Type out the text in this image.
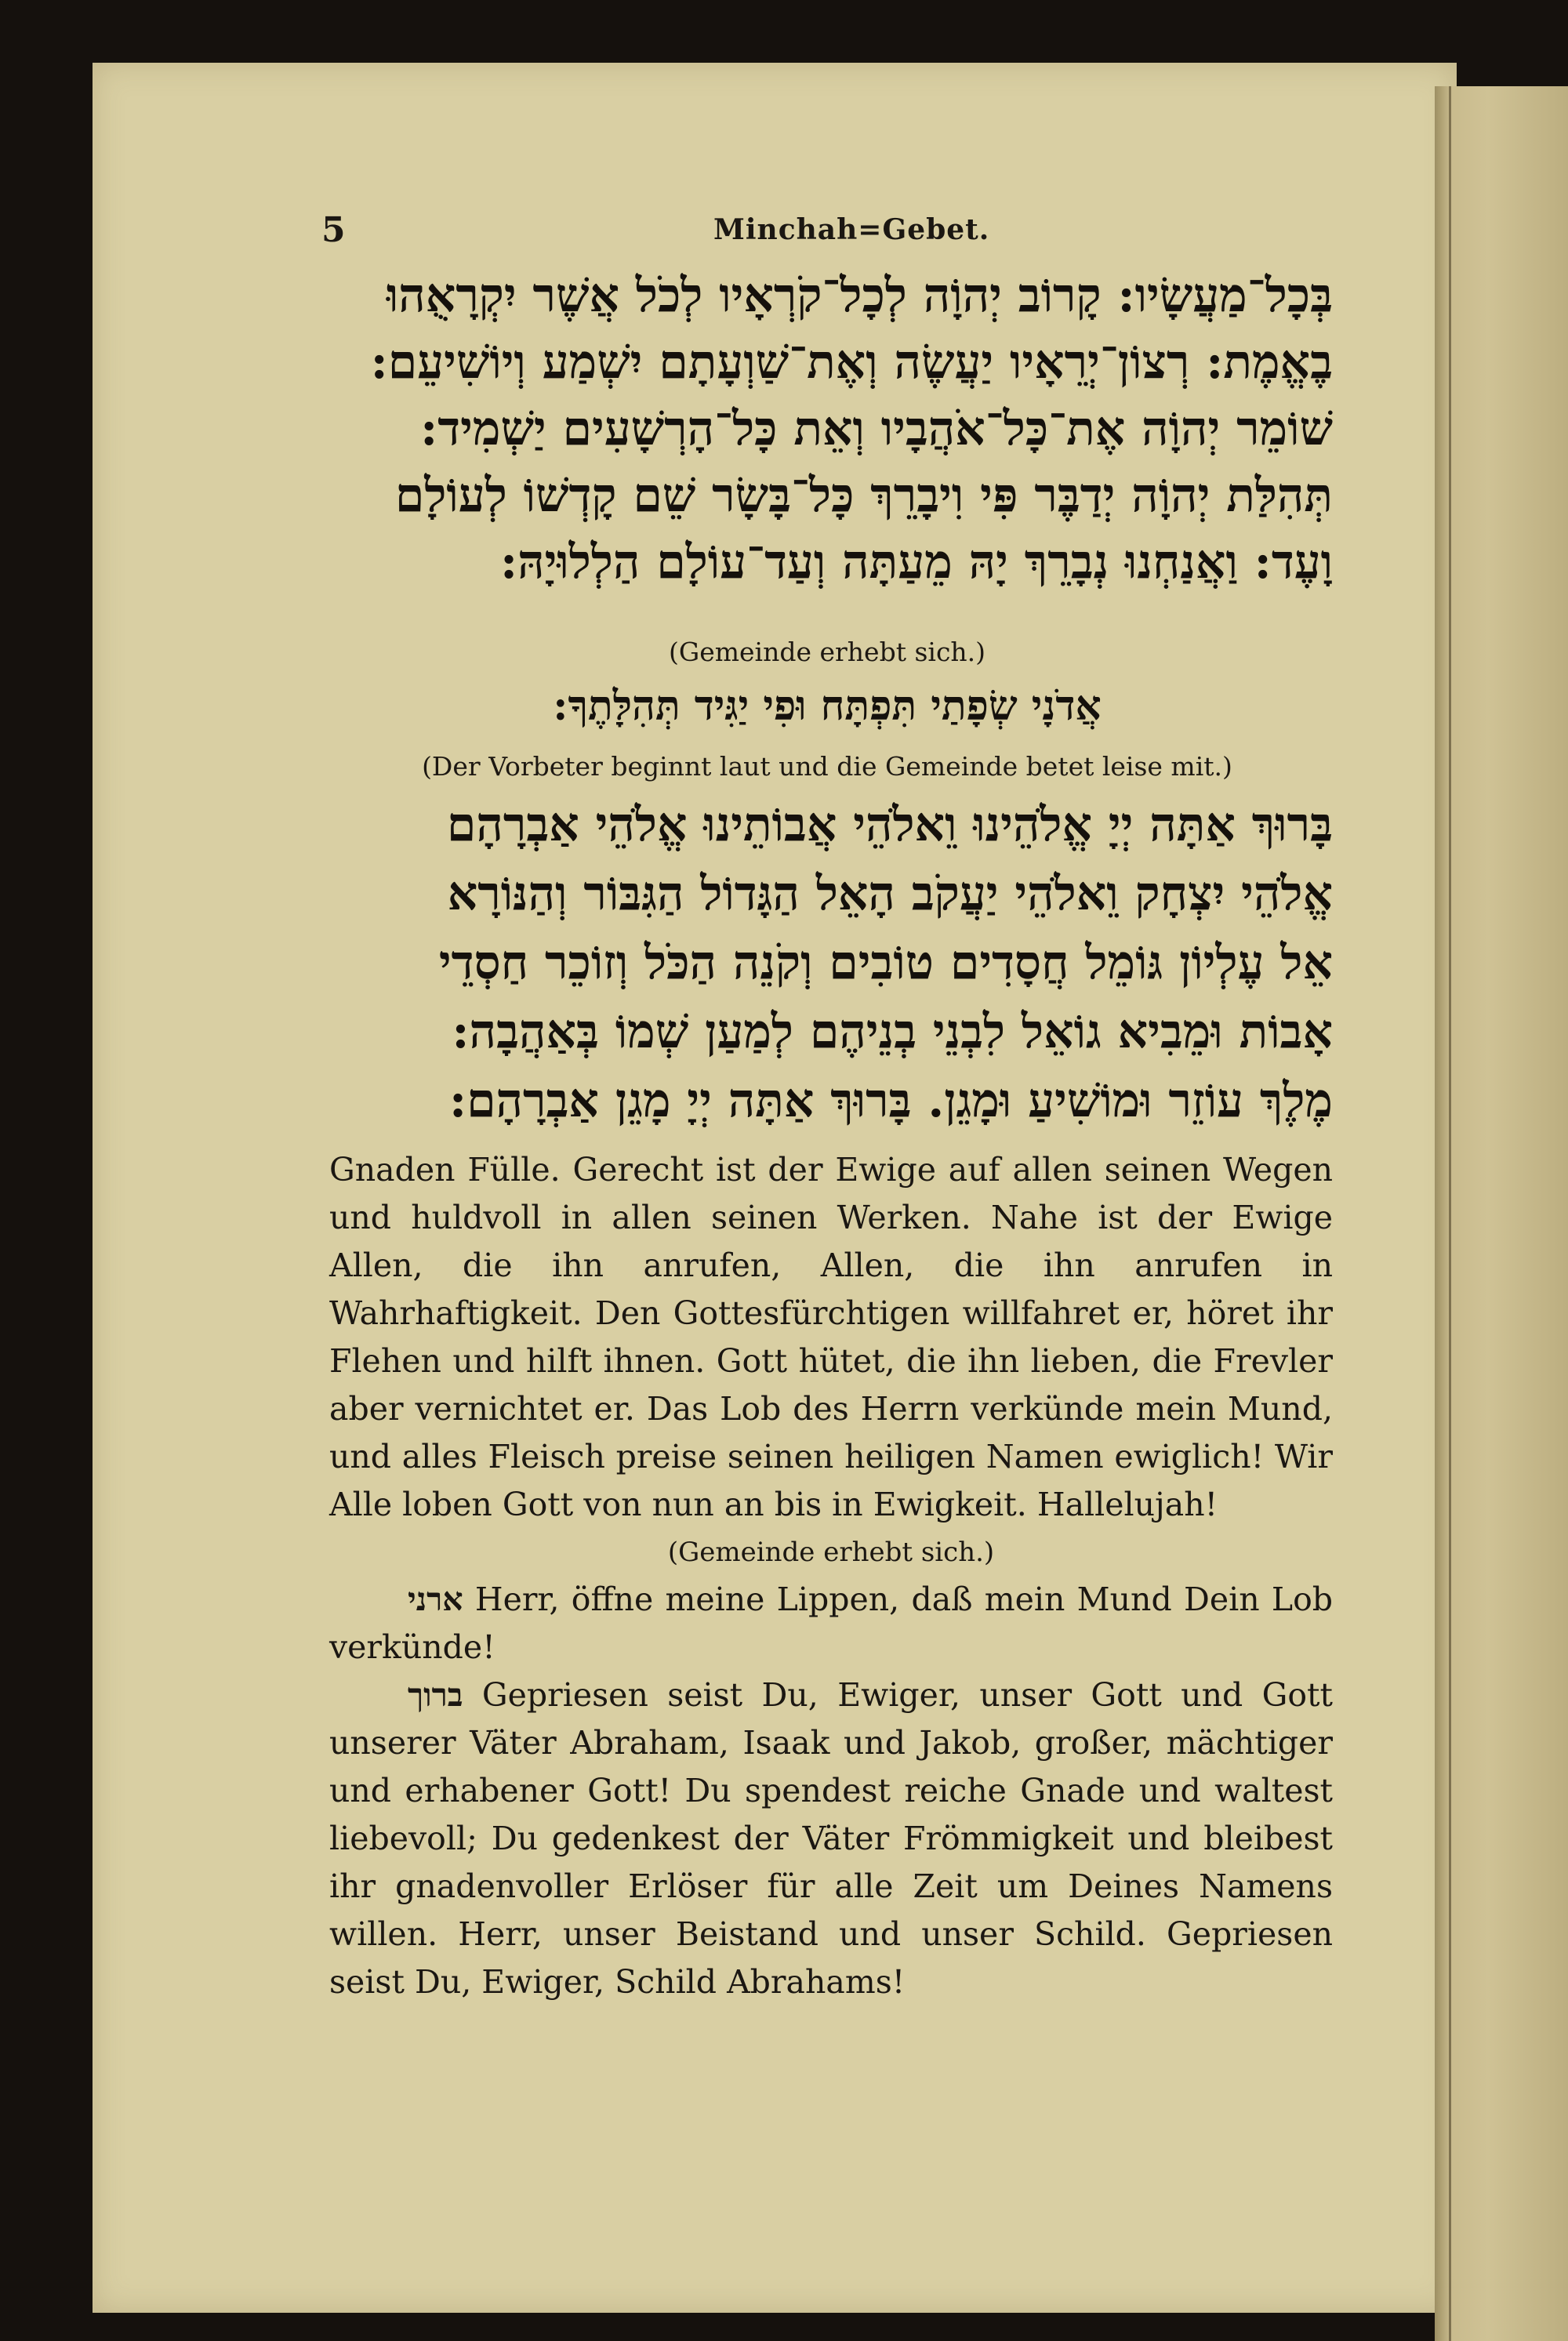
5	Minchah=Gebet.
בְּכָל־מַעֲשָׂיו: קָרוֹב יְהוָֹה לְכָל־קֹרְאָיו לְכֹל אֲשֶׁר יִקְרָאֻהוּ
בֶאֱמֶת: רְצוֹן־יְרֵאָיו יַעֲשֶׂה וְאֶת־שַׁוְעָתָם יִשְׁמַע וְיוֹשִׁיעֵם:
שׁוֹמֵר יְהוָֹה אֶת־כָּל־אֹהֲבָיו וְאֵת כָּל־הָרְשָׁעִים יַשְׁמִיד:
תְּהִלַּת יְהוָֹה יְדַבֶּר פִּי וִיבָרֵךְ כָּל־בָּשָׂר שֵׁם קָדְשׁוֹ לְעוֹלָם
וָעֶד: וַאֲנַחְנוּ נְבָרֵךְ יָהּ מֵעַתָּה וְעַד־עוֹלָם הַלְלוּיָהּ:
(Gemeinde erhebt sich.)
אֲדֹנָי שְׂפָתַי תִּפְתָּח וּפִי יַגִּיד תְּהִלָּתֶךָ:
(Der Vorbeter beginnt laut und die Gemeinde betet leise mit.)
בָּרוּךְ אַתָּה יְיָ אֱלֹהֵינוּ וֵאלֹהֵי אֲבוֹתֵינוּ אֱלֹהֵי אַבְרָהָם
אֱלֹהֵי יִצְחָק וֵאלֹהֵי יַעֲקֹב הָאֵל הַגָּדוֹל הַגִּבּוֹר וְהַנּוֹרָא
אֵל עֶלְיוֹן גּוֹמֵל חֲסָדִים טוֹבִים וְקֹנֵה הַכֹּל וְזוֹכֵר חַסְדֵי
אָבוֹת וּמֵבִיא גוֹאֵל לִבְנֵי בְנֵיהֶם לְמַעַן שְׁמוֹ בְּאַהֲבָה:
מֶלֶךְ עוֹזֵר וּמוֹשִׁיעַ וּמָגֵן. בָּרוּךְ אַתָּה יְיָ מָגֵן אַבְרָהָם:

Gnaden Fülle. Gerecht ist der Ewige auf allen seinen Wegen und huldvoll in allen seinen Werken. Nahe ist der Ewige Allen, die ihn anrufen, Allen, die ihn anrufen in Wahrhaftigkeit. Den Gottesfürchtigen willfahret er, höret ihr Flehen und hilft ihnen. Gott hütet, die ihn lieben, die Frevler aber vernichtet er. Das Lob des Herrn verkünde mein Mund, und alles Fleisch preise seinen heiligen Namen ewiglich! Wir Alle loben Gott von nun an bis in Ewigkeit. Hallelujah!

(Gemeinde erhebt sich.)

ארני Herr, öffne meine Lippen, daß mein Mund Dein Lob verkünde!

ברוך Gepriesen seist Du, Ewiger, unser Gott und Gott unserer Väter Abraham, Isaak und Jakob, großer, mächtiger und erhabener Gott! Du spendest reiche Gnade und waltest liebevoll; Du gedenkest der Väter Frömmigkeit und bleibest ihr gnadenvoller Erlöser für alle Zeit um Deines Namens willen. Herr, unser Beistand und unser Schild. Gepriesen seist Du, Ewiger, Schild Abrahams!
